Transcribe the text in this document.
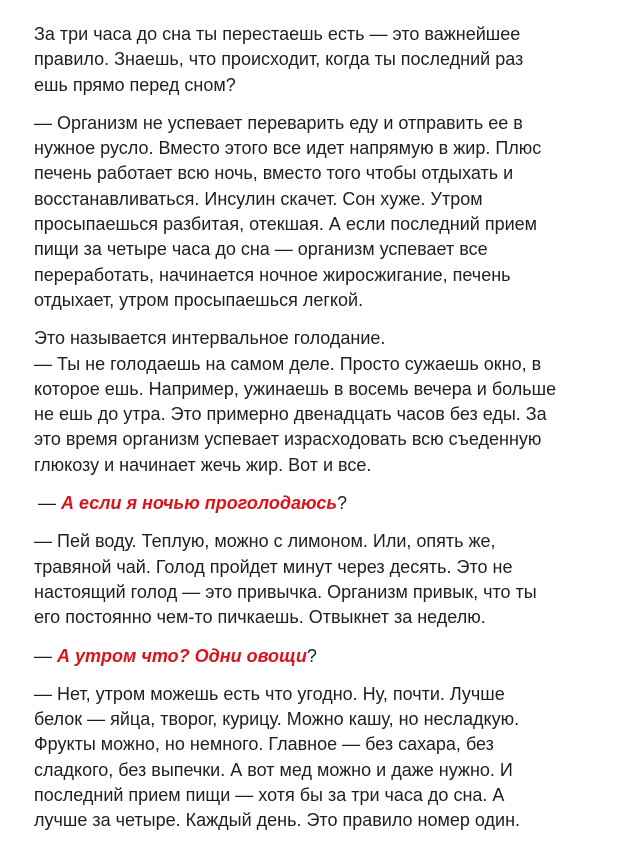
За три часа до сна ты перестаешь есть — это важнейшее
правило. Знаешь, что происходит, когда ты последний раз
ешь прямо перед сном?

— Организм не успевает переварить еду и отправить ее в
нужное русло. Вместо этого все идет напрямую в жир. Плюс
печень работает всю ночь, вместо того чтобы отдыхать и
восстанавливаться. Инсулин скачет. Сон хуже. Утром
просыпаешься разбитая, отекшая. А если последний прием
пищи за четыре часа до сна — организм успевает все
переработать, начинается ночное жиросжигание, печень
отдыхает, утром просыпаешься легкой.

Это называется интервальное голодание.
— Ты не голодаешь на самом деле. Просто сужаешь окно, в
которое ешь. Например, ужинаешь в восемь вечера и больше
не ешь до утра. Это примерно двенадцать часов без еды. За
это время организм успевает израсходовать всю съеденную
глюкозу и начинает жечь жир. Вот и все.

— А если я ночью проголодаюсь?

— Пей воду. Теплую, можно с лимоном. Или, опять же,
травяной чай. Голод пройдет минут через десять. Это не
настоящий голод — это привычка. Организм привык, что ты
его постоянно чем-то пичкаешь. Отвыкнет за неделю.

— А утром что? Одни овощи?

— Нет, утром можешь есть что угодно. Ну, почти. Лучше
белок — яйца, творог, курицу. Можно кашу, но несладкую.
Фрукты можно, но немного. Главное — без сахара, без
сладкого, без выпечки. А вот мед можно и даже нужно. И
последний прием пищи — хотя бы за три часа до сна. А
лучше за четыре. Каждый день. Это правило номер один.
